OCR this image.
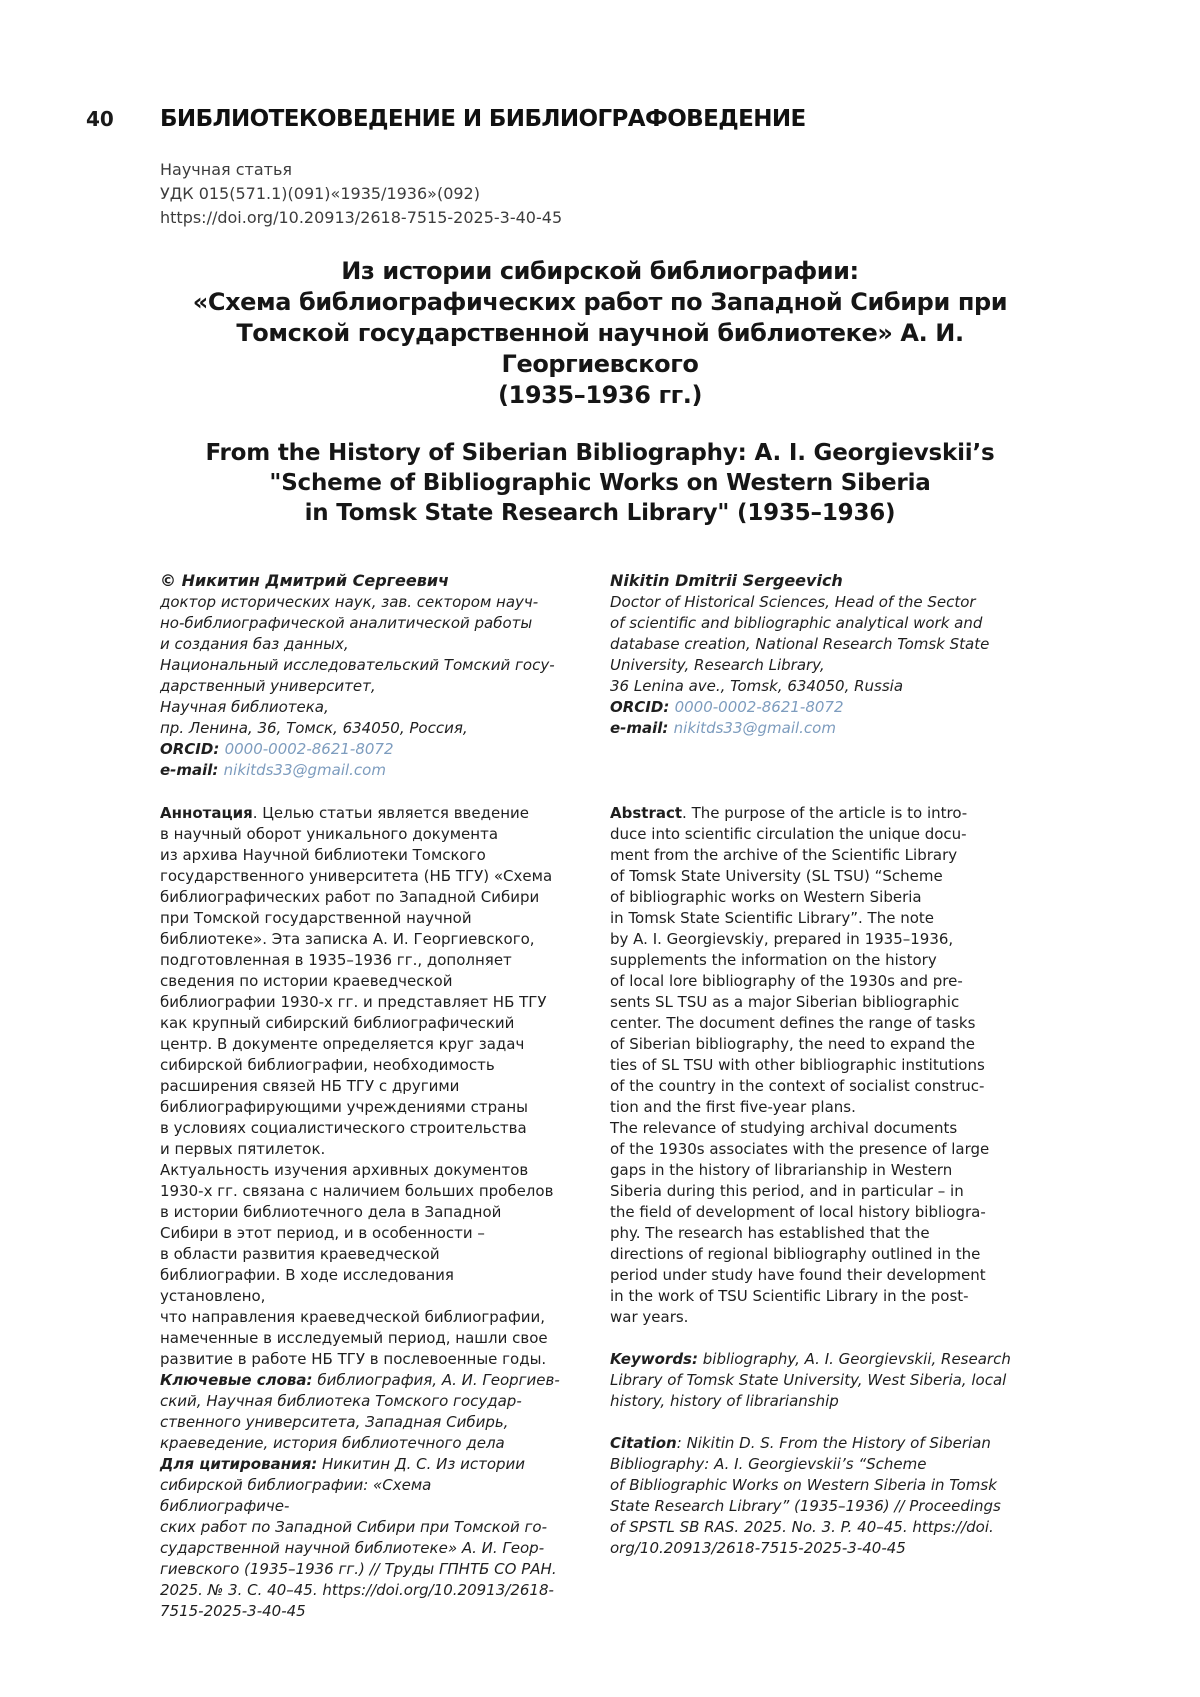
40 БИБЛИОТЕКОВЕДЕНИЕ И БИБЛИОГРАФОВЕДЕНИЕ
Научная статья
УДК 015(571.1)(091)«1935/1936»(092)
https://doi.org/10.20913/2618-7515-2025-3-40-45
Из истории сибирской библиографии:
«Схема библиографических работ по Западной Сибири при
Томской государственной научной библиотеке» А. И. Георгиевского
(1935–1936 гг.)
From the History of Siberian Bibliography: A. I. Georgievskii’s
"Scheme of Bibliographic Works on Western Siberia
in Tomsk State Research Library" (1935–1936)

© Никитин Дмитрий Сергеевич

доктор исторических наук, зав. сектором науч-
но-библиографической аналитической работы
и создания баз данных,
Национальный исследовательский Томский госу-
дарственный университет,
Научная библиотека,
пр. Ленина, 36, Томск, 634050, Россия,

ORCID: 0000-0002-8621-8072

e-mail: nikitds33@gmail.com

Nikitin Dmitrii Sergeevich

Doctor of Historical Sciences, Head of the Sector
of scientific and bibliographic analytical work and
database creation, National Research Tomsk State
University, Research Library,
36 Lenina ave., Tomsk, 634050, Russia

ORCID: 0000-0002-8621-8072

e-mail: nikitds33@gmail.com

Аннотация. Целью статьи является введение
в научный оборот уникального документа
из архива Научной библиотеки Томского
государственного университета (НБ ТГУ) «Схема
библиографических работ по Западной Сибири
при Томской государственной научной
библиотеке». Эта записка А. И. Георгиевского,
подготовленная в 1935–1936 гг., дополняет
сведения по истории краеведческой
библиографии 1930-х гг. и представляет НБ ТГУ
как крупный сибирский библиографический
центр. В документе определяется круг задач
сибирской библиографии, необходимость
расширения связей НБ ТГУ с другими
библиографирующими учреждениями страны
в условиях социалистического строительства
и первых пятилеток.
Актуальность изучения архивных документов
1930-х гг. связана с наличием больших пробелов
в истории библиотечного дела в Западной
Сибири в этот период, и в особенности –
в области развития краеведческой
библиографии. В ходе исследования установлено,
что направления краеведческой библиографии,
намеченные в исследуемый период, нашли свое
развитие в работе НБ ТГУ в послевоенные годы.

Ключевые слова: библиография, А. И. Георгиев-
ский, Научная библиотека Томского государ-
ственного университета, Западная Сибирь,
краеведение, история библиотечного дела

Для цитирования: Никитин Д. С. Из истории
сибирской библиографии: «Схема библиографиче-
ских работ по Западной Сибири при Томской го-
сударственной научной библиотеке» А. И. Геор-
гиевского (1935–1936 гг.) // Труды ГПНТБ СО РАН.
2025. № 3. С. 40–45. https://doi.org/10.20913/2618-
7515-2025-3-40-45

Abstract. The purpose of the article is to intro-
duce into scientific circulation the unique docu-
ment from the archive of the Scientific Library
of Tomsk State University (SL TSU) “Scheme
of bibliographic works on Western Siberia
in Tomsk State Scientific Library”. The note
by A. I. Georgievskiy, prepared in 1935–1936,
supplements the information on the history
of local lore bibliography of the 1930s and pre-
sents SL TSU as a major Siberian bibliographic
center. The document defines the range of tasks
of Siberian bibliography, the need to expand the
ties of SL TSU with other bibliographic institutions
of the country in the context of socialist construc-
tion and the first five-year plans.
The relevance of studying archival documents
of the 1930s associates with the presence of large
gaps in the history of librarianship in Western
Siberia during this period, and in particular – in
the field of development of local history bibliogra-
phy. The research has established that the
directions of regional bibliography outlined in the
period under study have found their development
in the work of TSU Scientific Library in the post-
war years.

Keywords: bibliography, A. I. Georgievskii, Research
Library of Tomsk State University, West Siberia, local
history, history of librarianship

Citation: Nikitin D. S. From the History of Siberian
Bibliography: A. I. Georgievskii’s “Scheme
of Bibliographic Works on Western Siberia in Tomsk
State Research Library” (1935–1936) // Proceedings
of SPSTL SB RAS. 2025. No. 3. P. 40–45. https://doi.
org/10.20913/2618-7515-2025-3-40-45
